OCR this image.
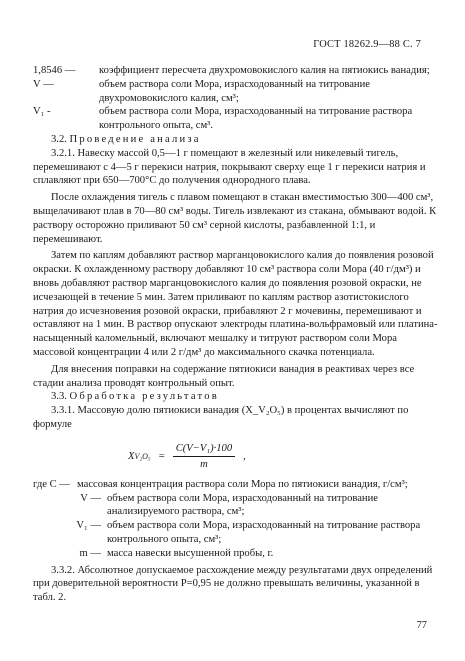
ГОСТ 18262.9—88 С. 7
1,8546 —	коэффициент пересчета двухромовокислого калия на пятиокись ванадия;
V —	объем раствора соли Мора, израсходованный на титрование двухромовокислого калия, см³;
V₁ -	объем раствора соли Мора, израсходованный на титрование раствора контрольного опыта, см³.
3.2. Проведение анализа
3.2.1. Навеску массой 0,5—1 г помещают в железный или никелевый тигель, перемешивают с 4—5 г перекиси натрия, покрывают сверху еще 1 г перекиси натрия и сплавляют при 650—700°С до получения однородного плава.
После охлаждения тигель с плавом помещают в стакан вместимостью 300—400 см³, выщелачивают плав в 70—80 см³ воды. Тигель извлекают из стакана, обмывают водой. К раствору осторожно приливают 50 см³ серной кислоты, разбавленной 1:1, и перемешивают.
Затем по каплям добавляют раствор марганцовокислого калия до появления розовой окраски. К охлажденному раствору добавляют 10 см³ раствора соли Мора (40 г/дм³) и вновь добавляют раствор марганцовокислого калия до появления розовой окраски, не исчезающей в течение 5 мин. Затем приливают по каплям раствор азотистокислого натрия до исчезновения розовой окраски, прибавляют 2 г мочевины, перемешивают и оставляют на 1 мин. В раствор опускают электроды платина-вольфрамовый или платина-насыщенный каломельный, включают мешалку и титруют раствором соли Мора массовой концентрации 4 или 2 г/дм³ до максимального скачка потенциала.
Для внесения поправки на содержание пятиокиси ванадия в реактивах через все стадии анализа проводят контрольный опыт.
3.3. Обработка результатов
3.3.1. Массовую долю пятиокиси ванадия (X_V₂O₅) в процентах вычисляют по формуле
X $V_2O_5 = \frac{\text{C(V−V₁)·100}}{m}$ ,
где C — массовая концентрация раствора соли Мора по пятиокиси ванадия, г/см³;
V — объем раствора соли Мора, израсходованный на титрование анализируемого раствора, см³;
V₁ — объем раствора соли Мора, израсходованный на титрование раствора контрольного опыта, см³;
m — масса навески высушенной пробы, г.
3.3.2. Абсолютное допускаемое расхождение между результатами двух определений при доверительной вероятности P=0,95 не должно превышать величины, указанной в табл. 2.
77
